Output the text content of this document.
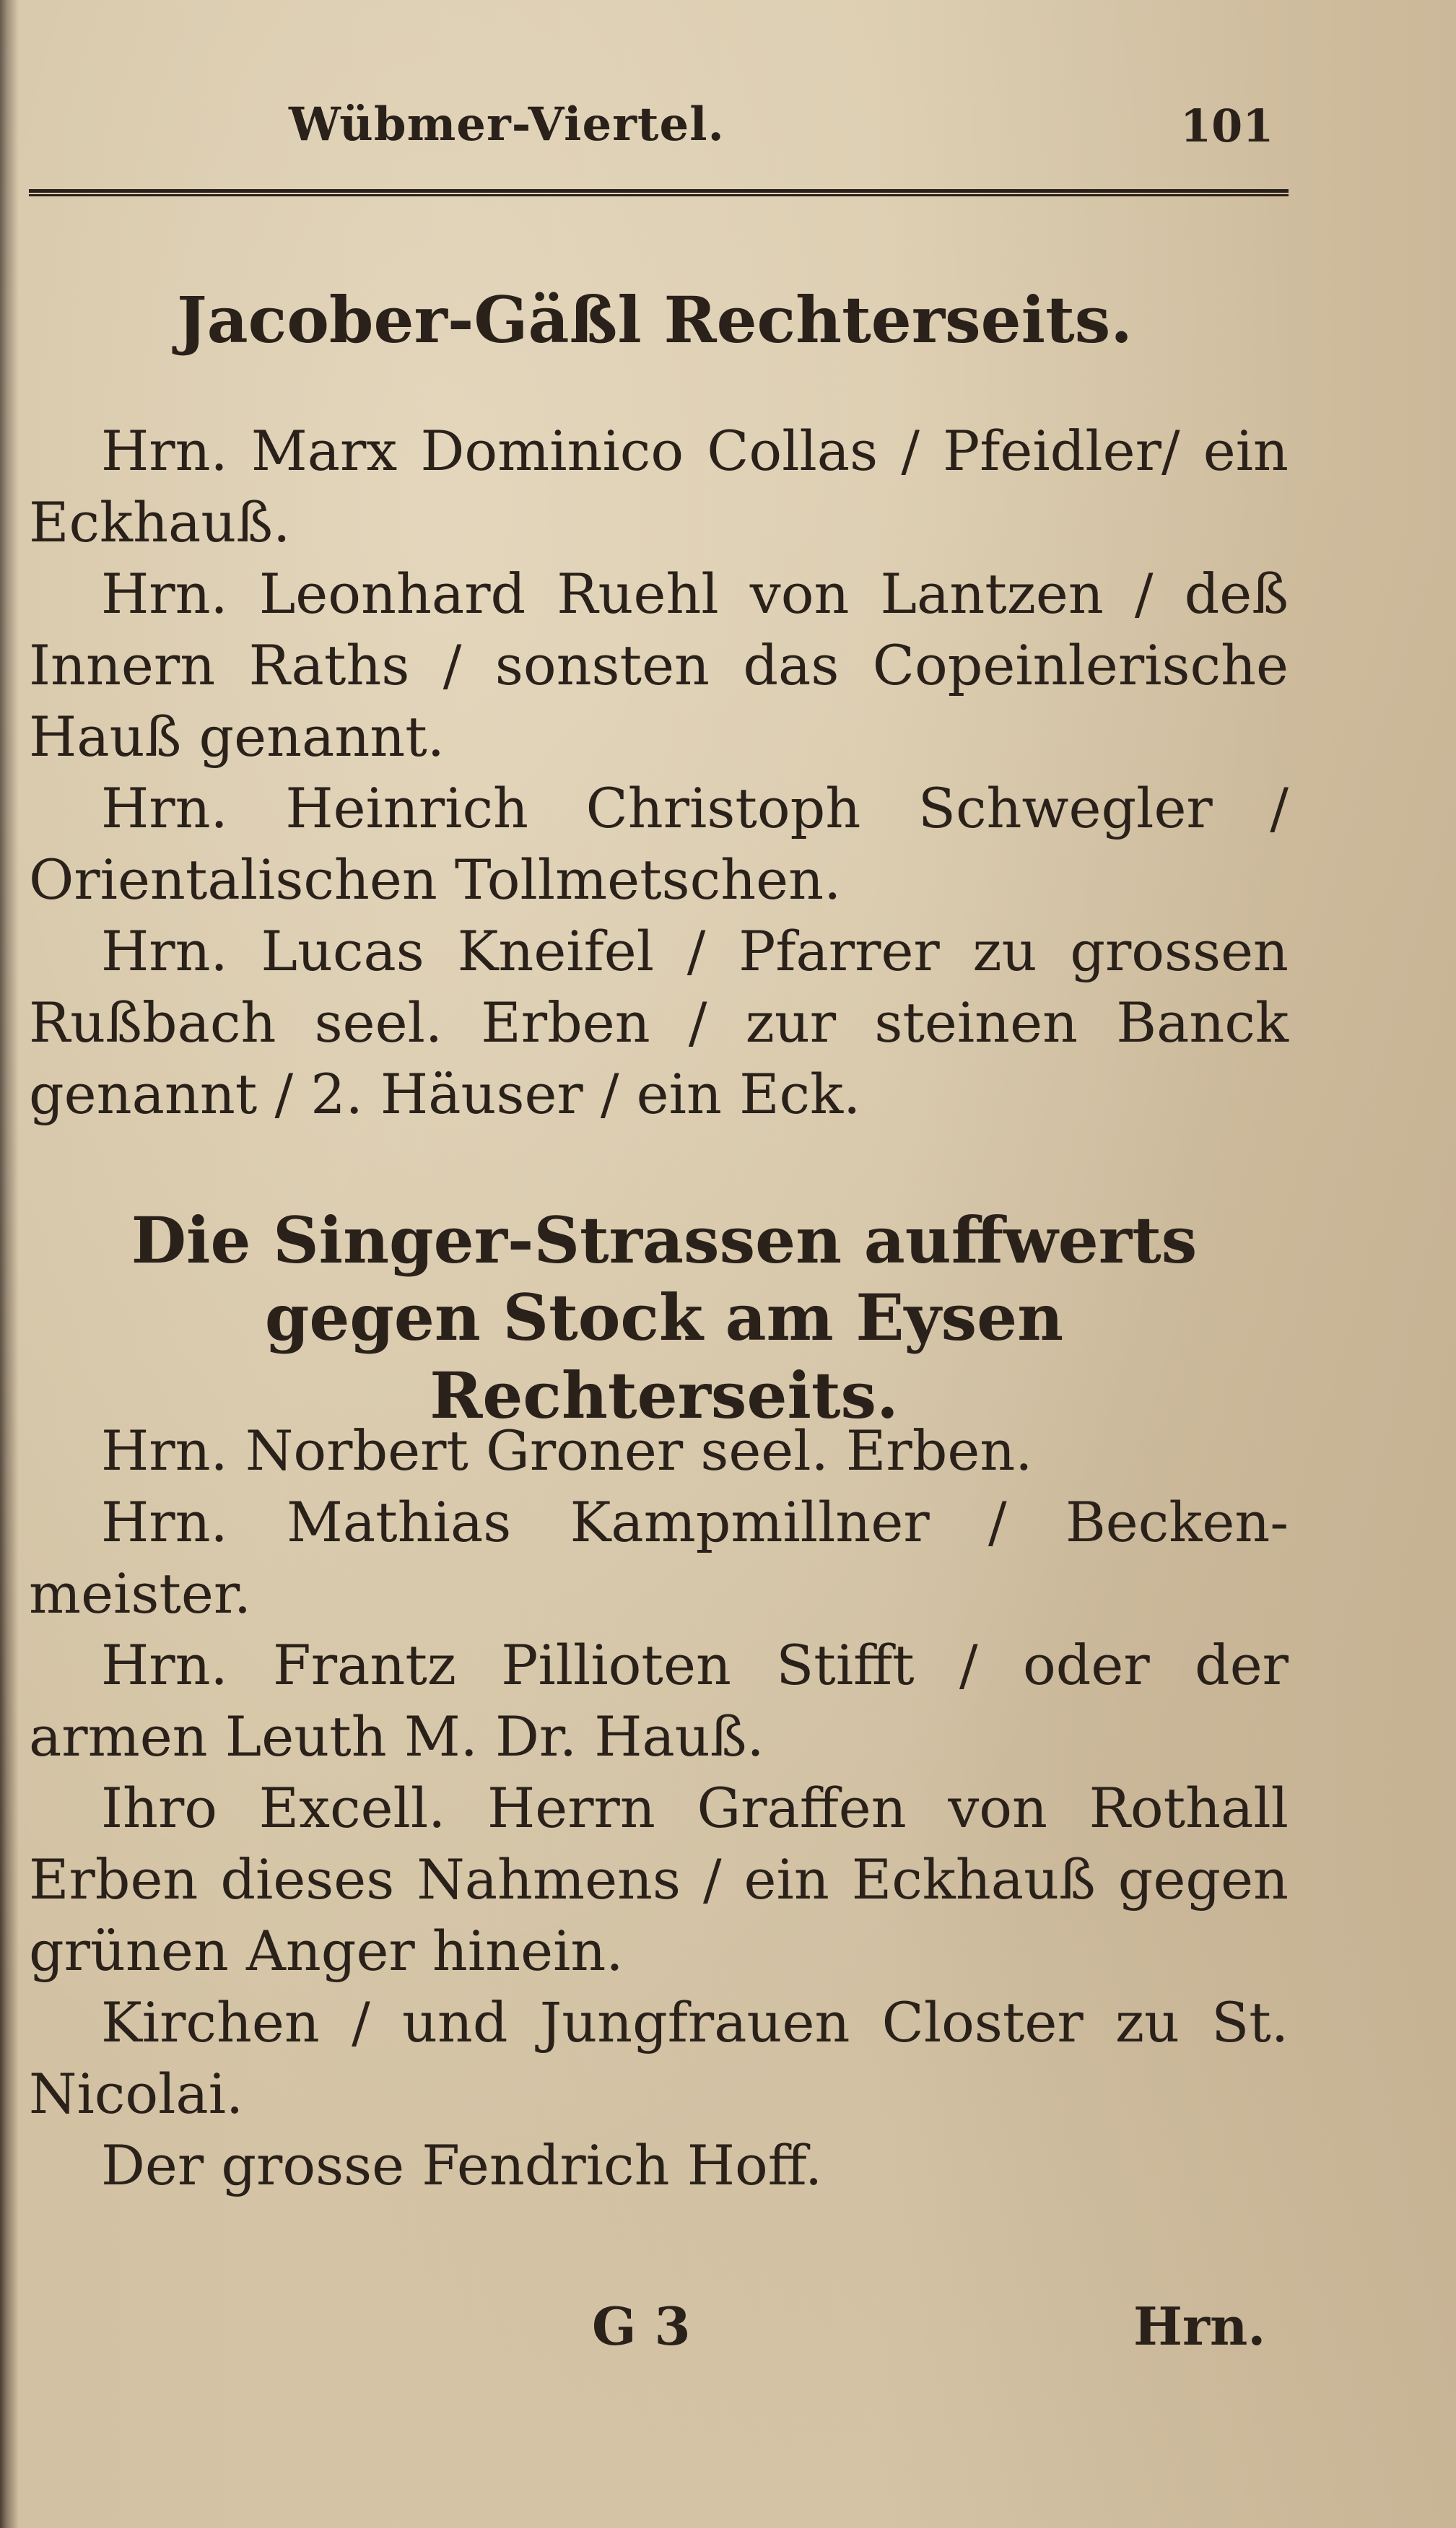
Wübmer-Viertel.	101
Jacober-Gäßl Rechterseits.

Hrn. Marx Dominico Collas / Pfeidler/ ein Eckhauß.

Hrn. Leonhard Ruehl von Lantzen / deß Innern Raths / sonsten das Copeinlerische Hauß genannt.

Hrn. Heinrich Christoph Schwegler / Orientalischen Tollmetschen.

Hrn. Lucas Kneifel / Pfarrer zu grossen Rußbach seel. Erben / zur steinen Banck genannt / 2. Häuser / ein Eck.

Die Singer-Strassen auffwerts gegen Stock am Eysen Rechterseits.

Hrn. Norbert Groner seel. Erben.

Hrn. Mathias Kampmillner / Becken-meister.

Hrn. Frantz Pillioten Stifft / oder der armen Leuth M. Dr. Hauß.

Ihro Excell. Herrn Graffen von Rothall Erben dieses Nahmens / ein Eckhauß gegen grünen Anger hinein.

Kirchen / und Jungfrauen Closter zu St. Nicolai.

Der grosse Fendrich Hoff.

G 3	Hrn.
